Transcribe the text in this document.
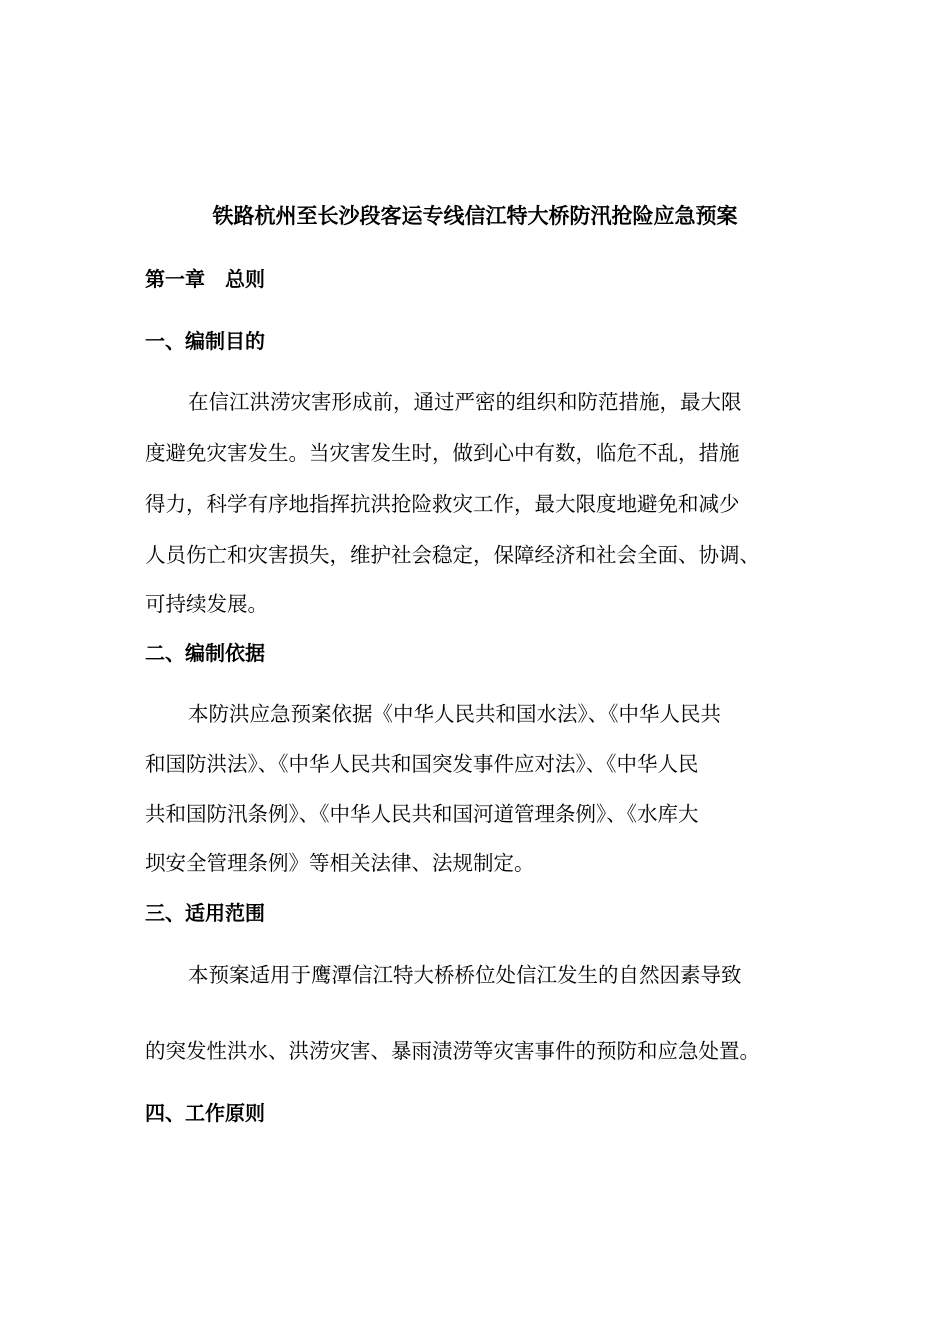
铁路杭州至长沙段客运专线信江特大桥防汛抢险应急预案
第一章　总则
一、编制目的
在信江洪涝灾害形成前，通过严密的组织和防范措施，最大限
度避免灾害发生。当灾害发生时，做到心中有数，临危不乱，措施
得力，科学有序地指挥抗洪抢险救灾工作，最大限度地避免和减少
人员伤亡和灾害损失，维护社会稳定，保障经济和社会全面、协调、
可持续发展。
二、编制依据
本防洪应急预案依据《中华人民共和国水法》、《中华人民共
和国防洪法》、《中华人民共和国突发事件应对法》、《中华人民
共和国防汛条例》、《中华人民共和国河道管理条例》、《水库大
坝安全管理条例》等相关法律、法规制定。
三、适用范围
本预案适用于鹰潭信江特大桥桥位处信江发生的自然因素导致
的突发性洪水、洪涝灾害、暴雨渍涝等灾害事件的预防和应急处置。
四、工作原则
